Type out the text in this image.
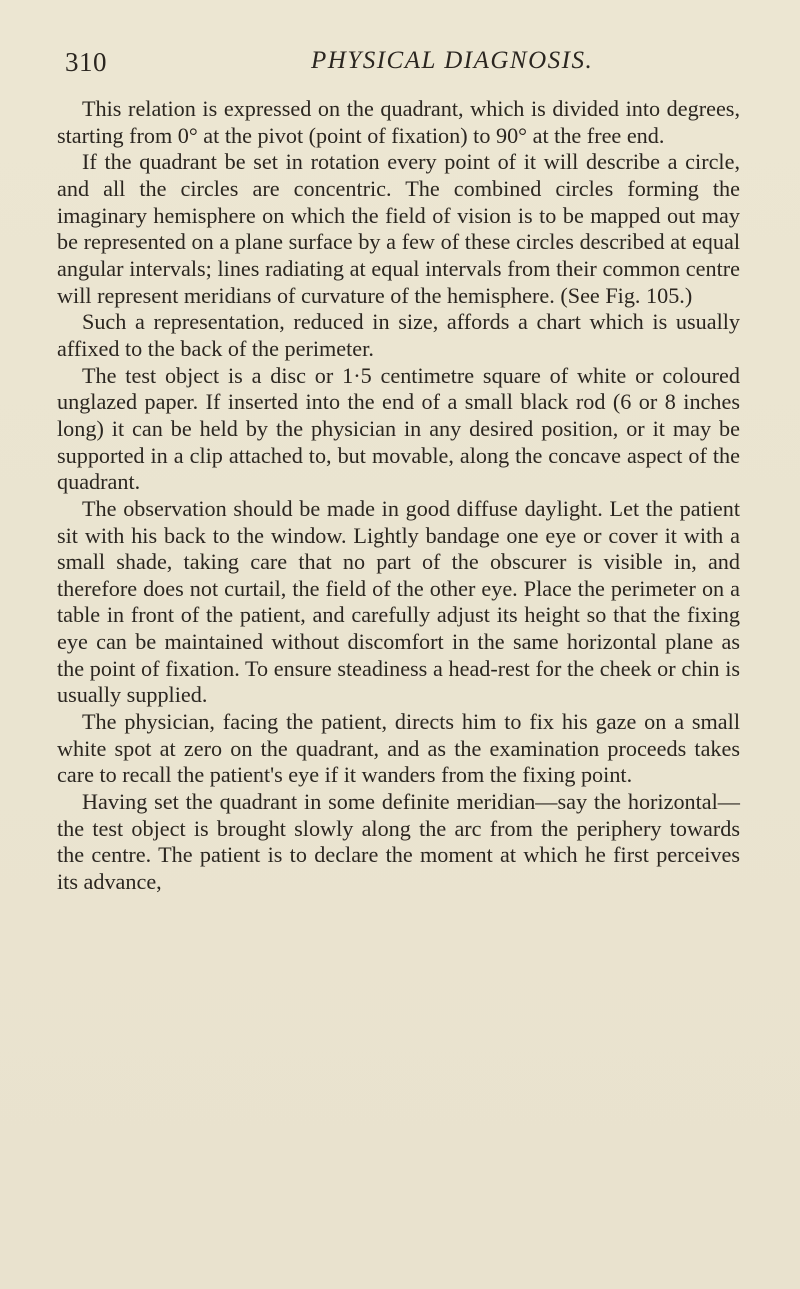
310	PHYSICAL DIAGNOSIS.

This relation is expressed on the quadrant, which is divided into degrees, starting from 0° at the pivot (point of fixation) to 90° at the free end.

If the quadrant be set in rotation every point of it will describe a circle, and all the circles are concentric. The combined circles forming the imaginary hemisphere on which the field of vision is to be mapped out may be represented on a plane surface by a few of these circles described at equal angular intervals; lines radiating at equal intervals from their common centre will represent meridians of curvature of the hemisphere. (See Fig. 105.)

Such a representation, reduced in size, affords a chart which is usually affixed to the back of the perimeter.

The test object is a disc or 1·5 centimetre square of white or coloured unglazed paper. If inserted into the end of a small black rod (6 or 8 inches long) it can be held by the physician in any desired position, or it may be supported in a clip attached to, but movable, along the concave aspect of the quadrant.

The observation should be made in good diffuse daylight. Let the patient sit with his back to the window. Lightly bandage one eye or cover it with a small shade, taking care that no part of the obscurer is visible in, and therefore does not curtail, the field of the other eye. Place the perimeter on a table in front of the patient, and carefully adjust its height so that the fixing eye can be maintained without discomfort in the same horizontal plane as the point of fixation. To ensure steadiness a head-rest for the cheek or chin is usually supplied.

The physician, facing the patient, directs him to fix his gaze on a small white spot at zero on the quadrant, and as the examination proceeds takes care to recall the patient's eye if it wanders from the fixing point.

Having set the quadrant in some definite meridian—say the horizontal—the test object is brought slowly along the arc from the periphery towards the centre. The patient is to declare the moment at which he first perceives its advance,
